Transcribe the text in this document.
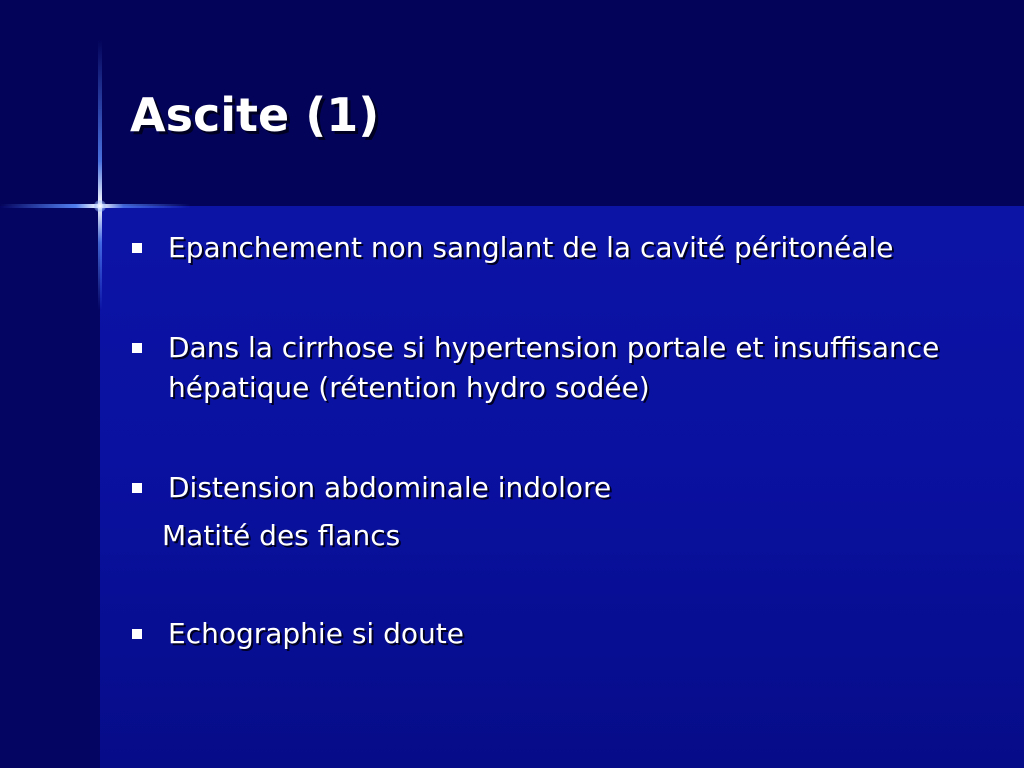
Ascite (1)
Epanchement non sanglant de la cavité péritonéale
Dans la cirrhose si hypertension portale et insuffisance hépatique (rétention hydro sodée)
Distension abdominale indolore
Matité des flancs
Echographie si doute
